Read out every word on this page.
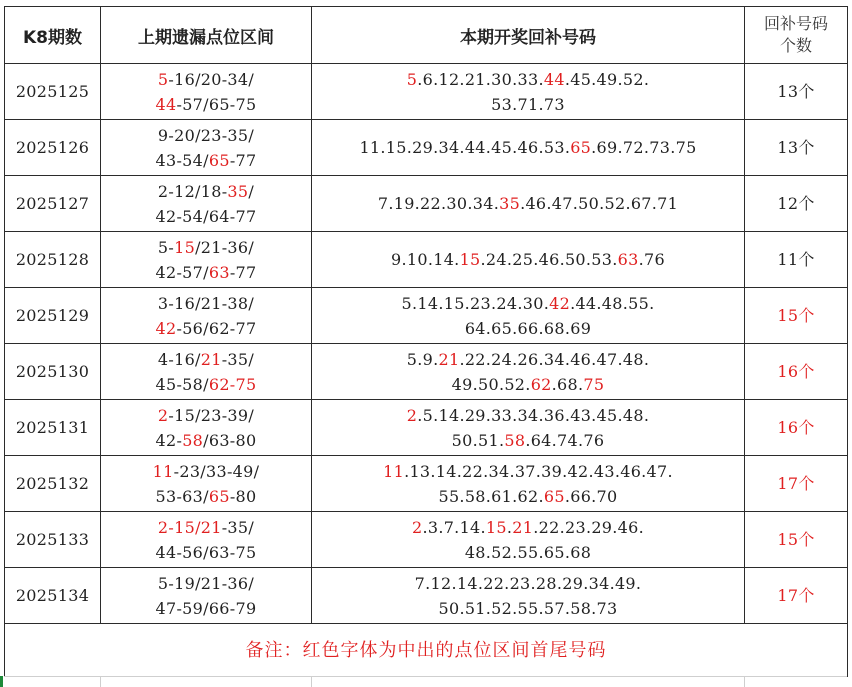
K8期数	上期遗漏点位区间	本期开奖回补号码	回补号码
个数
2025125	5-16/20-34/
44-57/65-75	5.6.12.21.30.33.44.45.49.52.
53.71.73	13个
2025126	9-20/23-35/
43-54/65-77	11.15.29.34.44.45.46.53.65.69.72.73.75	13个
2025127	2-12/18-35/
42-54/64-77	7.19.22.30.34.35.46.47.50.52.67.71	12个
2025128	5-15/21-36/
42-57/63-77	9.10.14.15.24.25.46.50.53.63.76	11个
2025129	3-16/21-38/
42-56/62-77	5.14.15.23.24.30.42.44.48.55.
64.65.66.68.69	15个
2025130	4-16/21-35/
45-58/62-75	5.9.21.22.24.26.34.46.47.48.
49.50.52.62.68.75	16个
2025131	2-15/23-39/
42-58/63-80	2.5.14.29.33.34.36.43.45.48.
50.51.58.64.74.76	16个
2025132	11-23/33-49/
53-63/65-80	11.13.14.22.34.37.39.42.43.46.47.
55.58.61.62.65.66.70	17个
2025133	2-15/21-35/
44-56/63-75	2.3.7.14.15.21.22.23.29.46.
48.52.55.65.68	15个
2025134	5-19/21-36/
47-59/66-79	7.12.14.22.23.28.29.34.49.
50.51.52.55.57.58.73	17个
备注：红色字体为中出的点位区间首尾号码			
